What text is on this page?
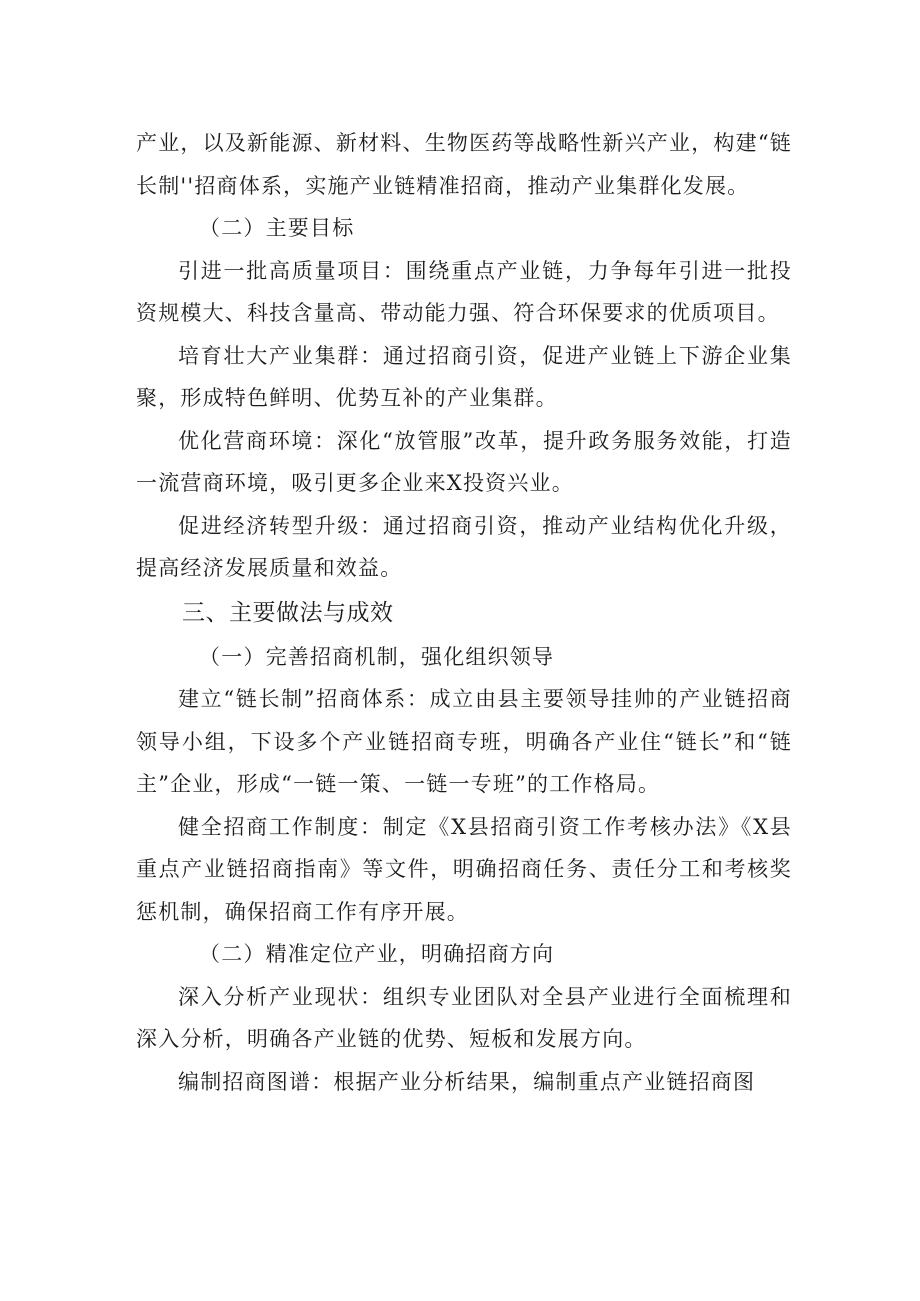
产业，以及新能源、新材料、生物医药等战略性新兴产业，构建“链长制''招商体系，实施产业链精准招商，推动产业集群化发展。

（二）主要目标

引进一批高质量项目：围绕重点产业链，力争每年引进一批投资规模大、科技含量高、带动能力强、符合环保要求的优质项目。

培育壮大产业集群：通过招商引资，促进产业链上下游企业集聚，形成特色鲜明、优势互补的产业集群。

优化营商环境：深化“放管服”改革，提升政务服务效能，打造一流营商环境，吸引更多企业来X投资兴业。

促进经济转型升级：通过招商引资，推动产业结构优化升级，提高经济发展质量和效益。

三、主要做法与成效

（一）完善招商机制，强化组织领导

建立“链长制”招商体系：成立由县主要领导挂帅的产业链招商领导小组，下设多个产业链招商专班，明确各产业住“链长”和“链主”企业，形成“一链一策、一链一专班”的工作格局。

健全招商工作制度：制定《X县招商引资工作考核办法》《X县重点产业链招商指南》等文件，明确招商任务、责任分工和考核奖惩机制，确保招商工作有序开展。

（二）精准定位产业，明确招商方向

深入分析产业现状：组织专业团队对全县产业进行全面梳理和深入分析，明确各产业链的优势、短板和发展方向。

编制招商图谱：根据产业分析结果，编制重点产业链招商图
